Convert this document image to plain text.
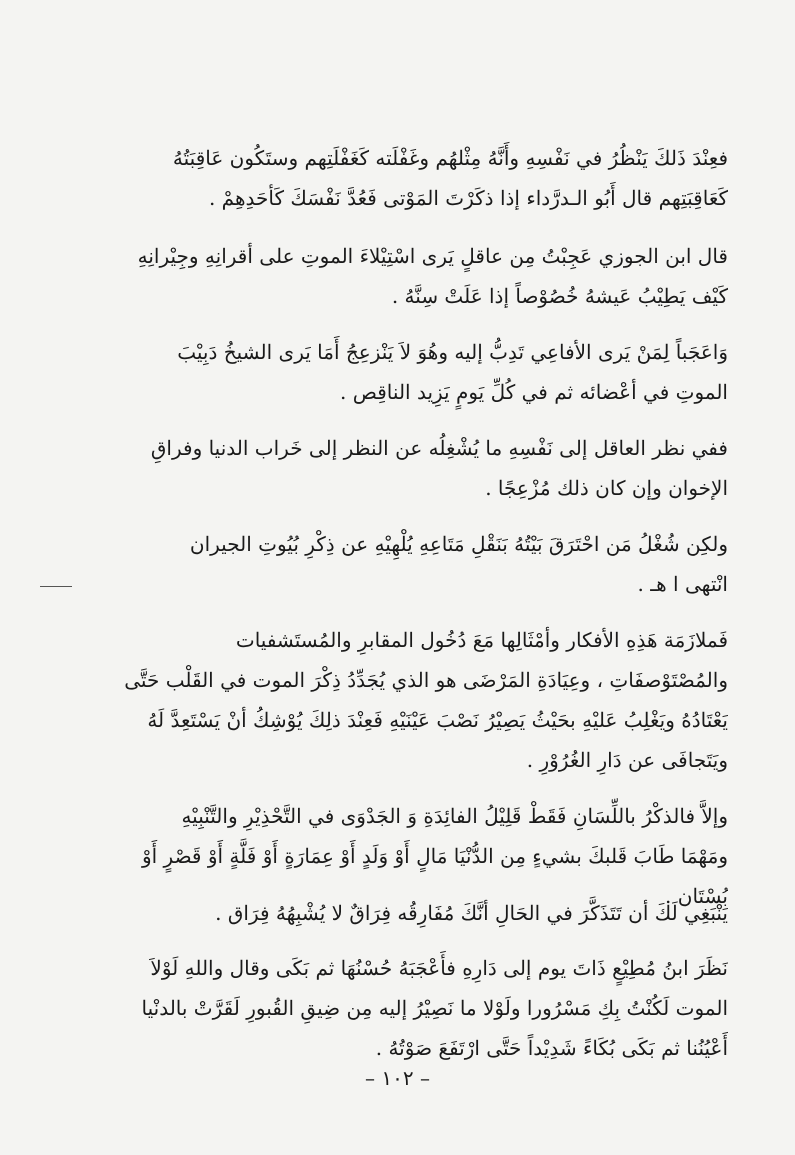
فعِنْدَ ذَلكَ يَنْظُرُ في نَفْسِهِ وأَنَّهُ مِثْلهُم وغَفْلَته كَغَفْلَتِهم وستَكُون عَاقِبَتُهُ
كَعَاقِبَتِهم قال أَبُو الـدرَّداء إذا ذكَرْتَ المَوْتى فَعُدَّ نَفْسَكَ كَأحَدِهِمْ .
قال ابن الجوزي عَجِبْتُ مِن عاقلٍ يَرى اسْتِيْلاءَ الموتِ على أقرانِهِ وجِيْرانِهِ
كَيْف يَطِيْبُ عَيشهُ خُصُوْصاً إذا عَلَتْ سِنَّهُ .
وَاعَجَباً لِمَنْ يَرى الأفاعِي تَدِبُّ إليه وهُوَ لاَ يَنْزعِجُ أَمَا يَرى الشيخُ دَبِيْبَ
الموتِ في أعْضائه ثم في كُلِّ يَومٍ يَزِيد الناقِص .
ففي نظر العاقل إلى نَفْسِهِ ما يُشْغِلُه عن النظر إلى خَراب الدنيا وفراقِ
الإخوان وإن كان ذلك مُزْعِجًا .
ولكِن شُغْلُ مَن احْتَرَقَ بَيْتُهُ بَنَقْلِ مَتَاعِهِ يُلْهِيْهِ عن ذِكْرِ بُيُوتِ الجيران
انْتهى ا هـ .
فَملازَمَة هَذِهِ الأفكار وأمْثَالِها مَعَ دُخُول المقابرِ والمُستَشفيات
والمُصْتَوْصفَاتِ ، وعِيَادَةِ المَرْضَى هو الذي يُجَدِّدُ ذِكْرَ الموت في القَلْب حَتَّى
يَعْتَادُهُ ويَغْلِبُ عَليْهِ بحَيْثُ يَصِيْرُ نَصْبَ عَيْنَيْهِ فَعِنْدَ ذلِكَ يُوْشِكُ أنْ يَسْتَعِدَّ لَهُ
ويَتَجافَى عن دَارِ الغُرُوْرِ .
وإلاَّ فالذكْرُ باللِّسَانِ فَقَطْ قَلِيْلُ الفائِدَةِ وَ الجَدْوَى في التَّحْذِيْرِ والتَّنْبِيْهِ
ومَهْمَا طَابَ قَلبكَ بشيءٍ مِن الدُّنْيَا مَالٍ أَوْ وَلَدٍ أَوْ عِمَارَةٍ أَوْ فَلَّةٍ أَوْ قَصْرٍ أَوْ
بُسْتَان .
يَنْبَغِي لَكَ أن تَتَذَكَّرَ في الحَالِ أنَّكَ مُفَارِقُه فِرَاقٌ لا يُشْبِهُهُ فِرَاق .
نَظَرَ ابنُ مُطِيْعٍ ذَاتَ يوم إلى دَارِهِ فأَعْجَبَهُ حُسْنُهَا ثم بَكَى وقال واللهِ لَوْلاَ
الموت لَكُنْتُ بِكِ مَسْرُورا ولَوْلا ما نَصِيْرُ إليه مِن ضِيقِ القُبورِ لَقَرَّتْ بالدنْيا
أَعْيُنُنا ثم بَكَى بُكَاءً شَدِيْداً حَتَّى ارْتَفَعَ صَوْتُهُ .
– ١٠٢ –
